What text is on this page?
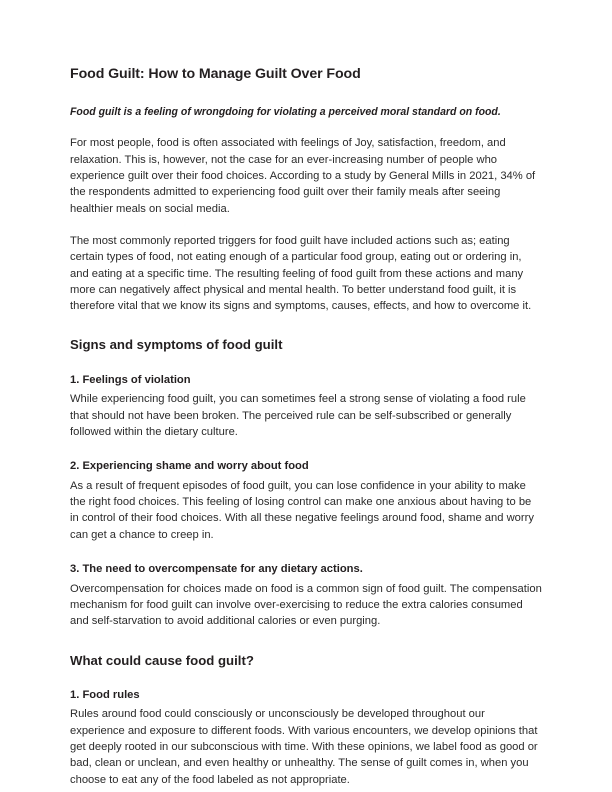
Food Guilt: How to Manage Guilt Over Food
Food guilt is a feeling of wrongdoing for violating a perceived moral standard on food.

For most people, food is often associated with feelings of Joy, satisfaction, freedom, and relaxation. This is, however, not the case for an ever-increasing number of people who experience guilt over their food choices. According to a study by General Mills in 2021, 34% of the respondents admitted to experiencing food guilt over their family meals after seeing healthier meals on social media.

The most commonly reported triggers for food guilt have included actions such as; eating certain types of food, not eating enough of a particular food group, eating out or ordering in, and eating at a specific time. The resulting feeling of food guilt from these actions and many more can negatively affect physical and mental health. To better understand food guilt, it is therefore vital that we know its signs and symptoms, causes, effects, and how to overcome it.

Signs and symptoms of food guilt
1. Feelings of violation

While experiencing food guilt, you can sometimes feel a strong sense of violating a food rule that should not have been broken. The perceived rule can be self-subscribed or generally followed within the dietary culture.

2. Experiencing shame and worry about food

As a result of frequent episodes of food guilt, you can lose confidence in your ability to make the right food choices. This feeling of losing control can make one anxious about having to be in control of their food choices. With all these negative feelings around food, shame and worry can get a chance to creep in.

3. The need to overcompensate for any dietary actions.

Overcompensation for choices made on food is a common sign of food guilt. The compensation mechanism for food guilt can involve over-exercising to reduce the extra calories consumed and self-starvation to avoid additional calories or even purging.

What could cause food guilt?
1. Food rules

Rules around food could consciously or unconsciously be developed throughout our experience and exposure to different foods. With various encounters, we develop opinions that get deeply rooted in our subconscious with time. With these opinions, we label food as good or bad, clean or unclean, and even healthy or unhealthy. The sense of guilt comes in, when you choose to eat any of the food labeled as not appropriate.
